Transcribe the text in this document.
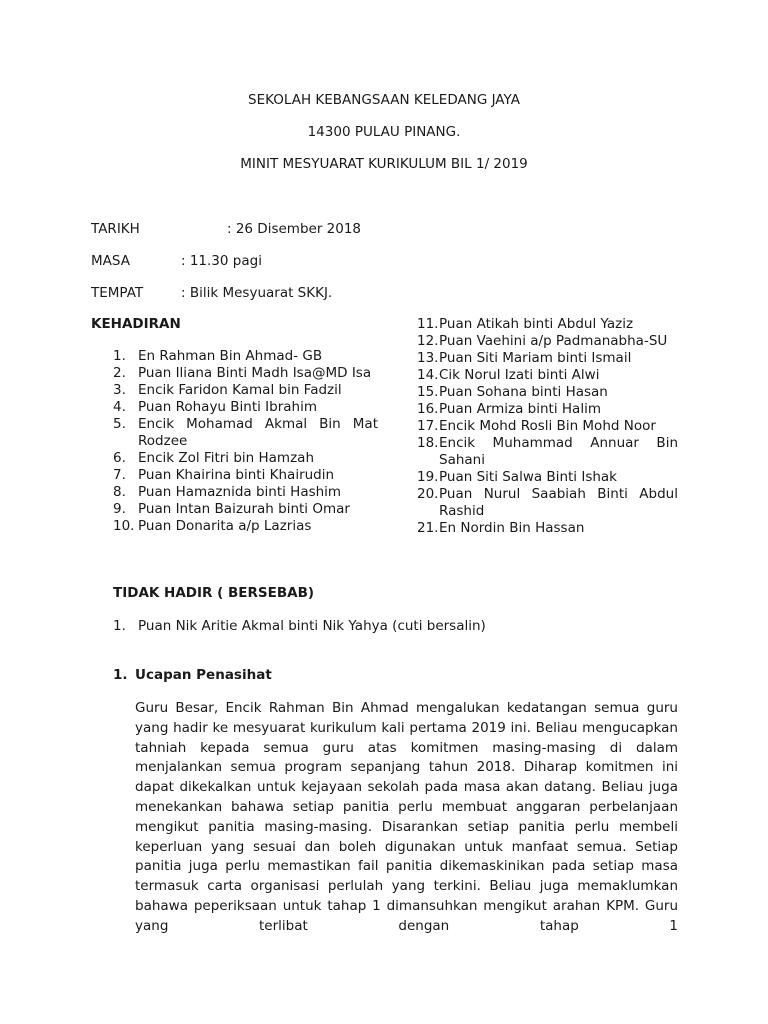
SEKOLAH KEBANGSAAN KELEDANG JAYA
14300 PULAU PINANG.
MINIT MESYUARAT KURIKULUM BIL 1/ 2019
TARIKH	: 26 Disember 2018
MASA	: 11.30 pagi
TEMPAT	: Bilik Mesyuarat SKKJ.
KEHADIRAN
1. En Rahman Bin Ahmad- GB
2. Puan Iliana Binti Madh Isa@MD Isa
3. Encik Faridon Kamal bin Fadzil
4. Puan Rohayu Binti Ibrahim
5. Encik Mohamad Akmal Bin Mat Rodzee
6. Encik Zol Fitri bin Hamzah
7. Puan Khairina binti Khairudin
8. Puan Hamaznida binti Hashim
9. Puan Intan Baizurah binti Omar
10. Puan Donarita a/p Lazrias
11. Puan Atikah binti Abdul Yaziz
12. Puan Vaehini a/p Padmanabha-SU
13. Puan Siti Mariam binti Ismail
14. Cik Norul Izati binti Alwi
15. Puan Sohana binti Hasan
16. Puan Armiza binti Halim
17. Encik Mohd Rosli Bin Mohd Noor
18. Encik Muhammad Annuar Bin Sahani
19. Puan Siti Salwa Binti Ishak
20. Puan Nurul Saabiah Binti Abdul Rashid
21. En Nordin Bin Hassan
TIDAK HADIR ( BERSEBAB)
1. Puan Nik Aritie Akmal binti Nik Yahya (cuti bersalin)
1. Ucapan Penasihat

Guru Besar, Encik Rahman Bin Ahmad mengalukan kedatangan semua guru yang hadir ke mesyuarat kurikulum kali pertama 2019 ini. Beliau mengucapkan tahniah kepada semua guru atas komitmen masing-masing di dalam menjalankan semua program sepanjang tahun 2018. Diharap komitmen ini dapat dikekalkan untuk kejayaan sekolah pada masa akan datang. Beliau juga menekankan bahawa setiap panitia perlu membuat anggaran perbelanjaan mengikut panitia masing-masing. Disarankan setiap panitia perlu membeli keperluan yang sesuai dan boleh digunakan untuk manfaat semua. Setiap panitia juga perlu memastikan fail panitia dikemaskinikan pada setiap masa termasuk carta organisasi perlulah yang terkini. Beliau juga memaklumkan bahawa peperiksaan untuk tahap 1 dimansuhkan mengikut arahan KPM. Guru yang terlibat dengan tahap 1
